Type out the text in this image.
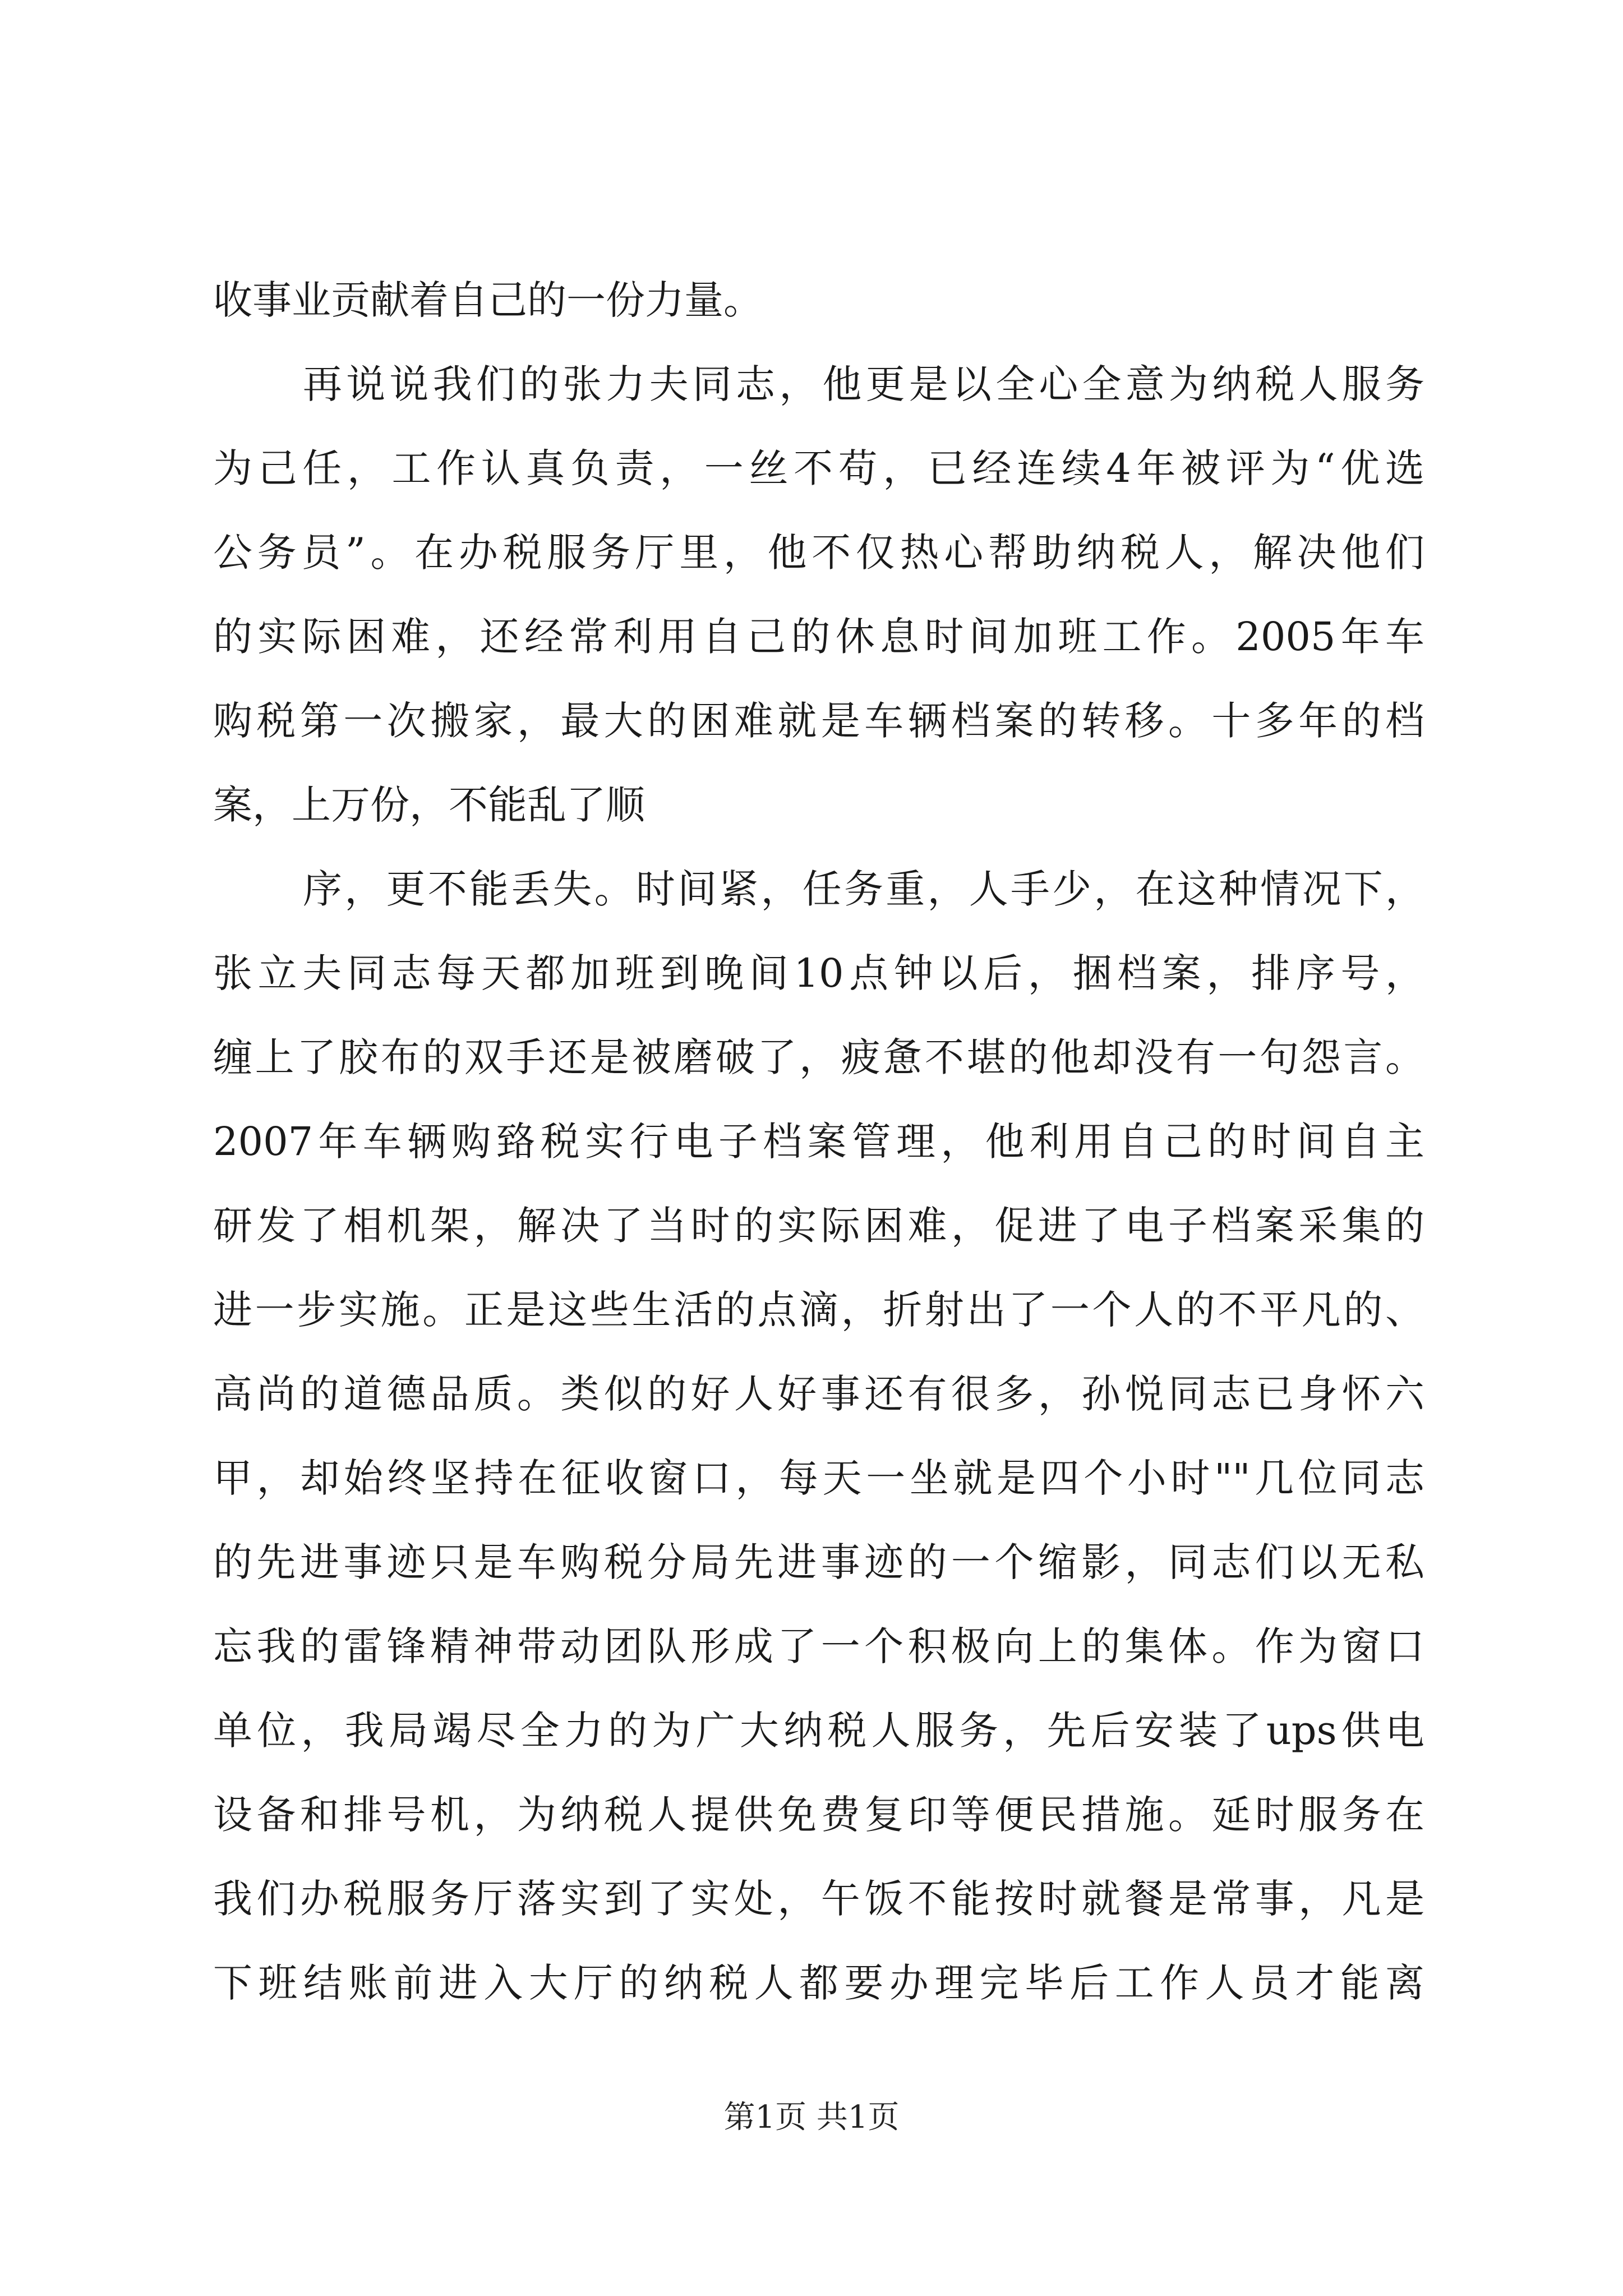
收事业贡献着自己的一份力量。
再说说我们的张力夫同志，他更是以全心全意为纳税人服务
为己任，工作认真负责，一丝不苟，已经连续4年被评为“优选
公务员”。在办税服务厅里，他不仅热心帮助纳税人，解决他们
的实际困难，还经常利用自己的休息时间加班工作。2005年车
购税第一次搬家，最大的困难就是车辆档案的转移。十多年的档
案，上万份，不能乱了顺
序，更不能丢失。时间紧，任务重，人手少，在这种情况下，
张立夫同志每天都加班到晚间10点钟以后，捆档案，排序号，
缠上了胶布的双手还是被磨破了，疲惫不堪的他却没有一句怨言。
2007年车辆购臵税实行电子档案管理，他利用自己的时间自主
研发了相机架，解决了当时的实际困难，促进了电子档案采集的
进一步实施。正是这些生活的点滴，折射出了一个人的不平凡的、
高尚的道德品质。类似的好人好事还有很多，孙悦同志已身怀六
甲，却始终坚持在征收窗口，每天一坐就是四个小时""几位同志
的先进事迹只是车购税分局先进事迹的一个缩影，同志们以无私
忘我的雷锋精神带动团队形成了一个积极向上的集体。作为窗口
单位，我局竭尽全力的为广大纳税人服务，先后安装了ups供电
设备和排号机，为纳税人提供免费复印等便民措施。延时服务在
我们办税服务厅落实到了实处，午饭不能按时就餐是常事，凡是
下班结账前进入大厅的纳税人都要办理完毕后工作人员才能离
第1页 共1页
